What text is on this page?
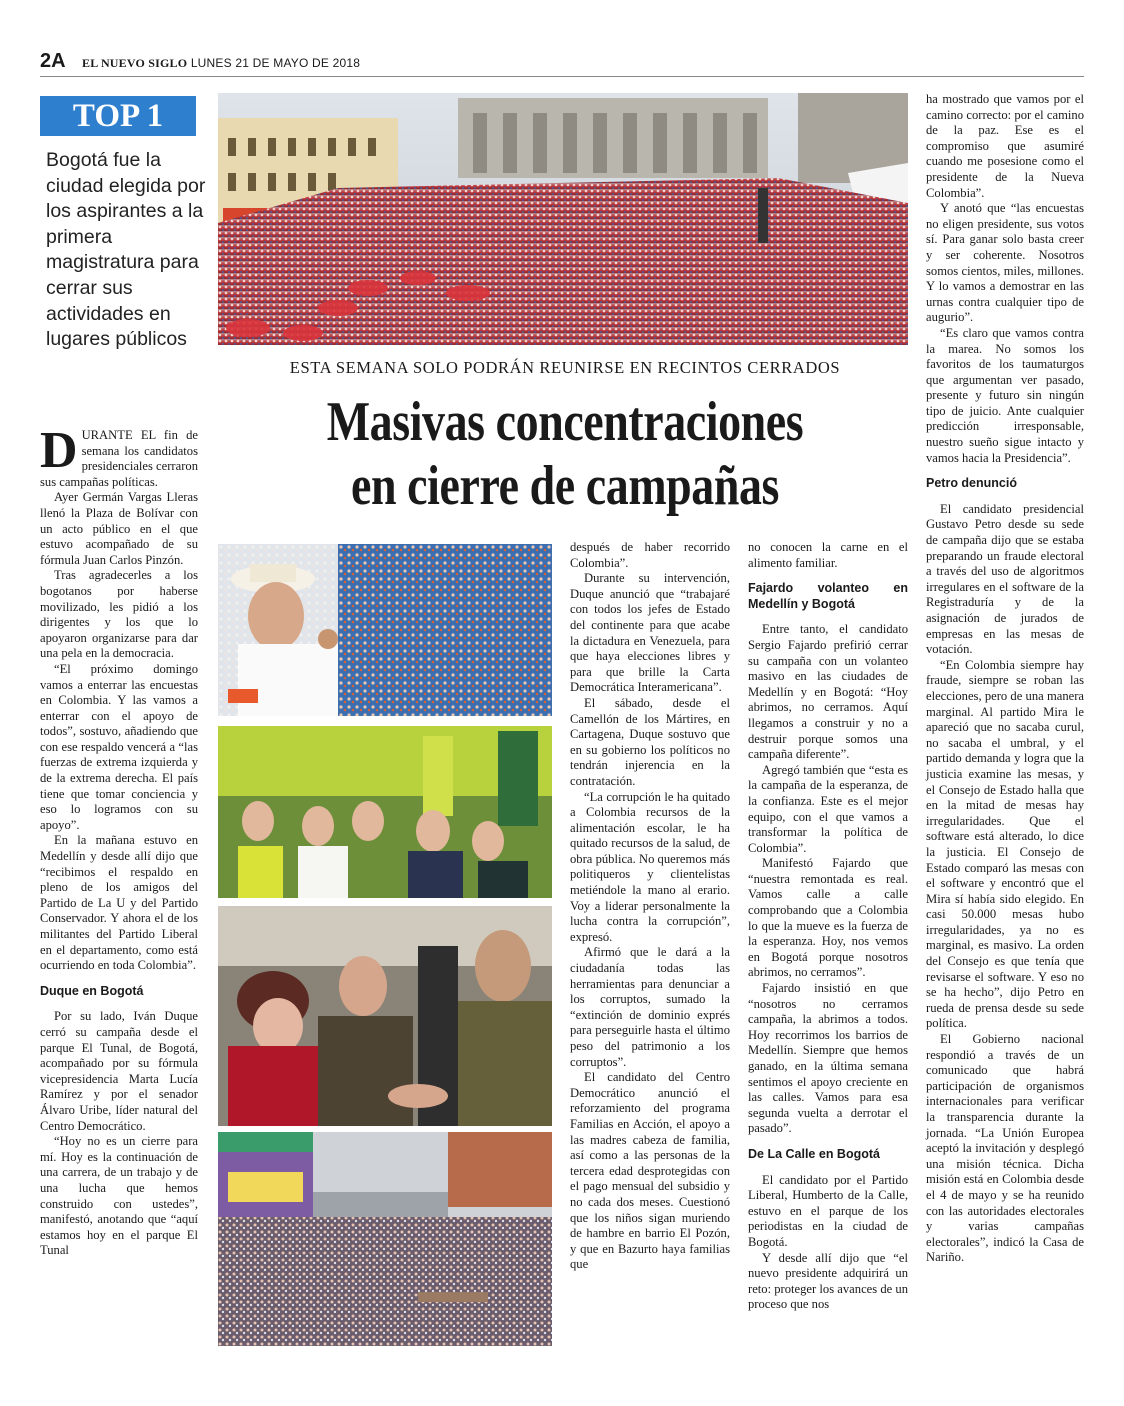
2A EL NUEVO SIGLO LUNES 21 DE MAYO DE 2018
TOP 1
Bogotá fue la ciudad elegida por los aspirantes a la primera magistratura para cerrar sus actividades en lugares públicos
ESTA SEMANA SOLO PODRÁN REUNIRSE EN RECINTOS CERRADOS
Masivas concentraciones
en cierre de campañas

DURANTE EL fin de semana los candidatos presidenciales cerraron sus campañas políticas.

Ayer Germán Vargas Lleras llenó la Plaza de Bolívar con un acto público en el que estuvo acompañado de su fórmula Juan Carlos Pinzón.

Tras agradecerles a los bogotanos por haberse movilizado, les pidió a los dirigentes y los que lo apoyaron organizarse para dar una pela en la democracia.

“El próximo domingo vamos a enterrar las encuestas en Colombia. Y las vamos a enterrar con el apoyo de todos”, sostuvo, añadiendo que con ese respaldo vencerá a “las fuerzas de extrema izquierda y de la extrema derecha. El país tiene que tomar conciencia y eso lo logramos con su apoyo”.

En la mañana estuvo en Medellín y desde allí dijo que “recibimos el respaldo en pleno de los amigos del Partido de La U y del Partido Conservador. Y ahora el de los militantes del Partido Liberal en el departamento, como está ocurriendo en toda Colombia”.

Duque en Bogotá

Por su lado, Iván Duque cerró su campaña desde el parque El Tunal, de Bogotá, acompañado por su fórmula vicepresidencia Marta Lucía Ramírez y por el senador Álvaro Uribe, líder natural del Centro Democrático.

“Hoy no es un cierre para mí. Hoy es la continuación de una carrera, de un trabajo y de una lucha que hemos construido con ustedes”, manifestó, anotando que “aquí estamos hoy en el parque El Tunal

después de haber recorrido Colombia”.

Durante su intervención, Duque anunció que “trabajaré con todos los jefes de Estado del continente para que acabe la dictadura en Venezuela, para que haya elecciones libres y para que brille la Carta Democrática Interamericana”.

El sábado, desde el Camellón de los Mártires, en Cartagena, Duque sostuvo que en su gobierno los políticos no tendrán injerencia en la contratación.

“La corrupción le ha quitado a Colombia recursos de la alimentación escolar, le ha quitado recursos de la salud, de obra pública. No queremos más politiqueros y clientelistas metiéndole la mano al erario. Voy a liderar personalmente la lucha contra la corrupción”, expresó.

Afirmó que le dará a la ciudadanía todas las herramientas para denunciar a los corruptos, sumado la “extinción de dominio exprés para perseguirle hasta el último peso del patrimonio a los corruptos”.

El candidato del Centro Democrático anunció el reforzamiento del programa Familias en Acción, el apoyo a las madres cabeza de familia, así como a las personas de la tercera edad desprotegidas con el pago mensual del subsidio y no cada dos meses. Cuestionó que los niños sigan muriendo de hambre en barrio El Pozón, y que en Bazurto haya familias que

no conocen la carne en el alimento familiar.

Fajardo volanteo en Medellín y Bogotá

Entre tanto, el candidato Sergio Fajardo prefirió cerrar su campaña con un volanteo masivo en las ciudades de Medellín y en Bogotá: “Hoy abrimos, no cerramos. Aquí llegamos a construir y no a destruir porque somos una campaña diferente”.

Agregó también que “esta es la campaña de la esperanza, de la confianza. Este es el mejor equipo, con el que vamos a transformar la política de Colombia”.

Manifestó Fajardo que “nuestra remontada es real. Vamos calle a calle comprobando que a Colombia lo que la mueve es la fuerza de la esperanza. Hoy, nos vemos en Bogotá porque nosotros abrimos, no cerramos”.

Fajardo insistió en que “nosotros no cerramos campaña, la abrimos a todos. Hoy recorrimos los barrios de Medellín. Siempre que hemos ganado, en la última semana sentimos el apoyo creciente en las calles. Vamos para esa segunda vuelta a derrotar el pasado”.

De La Calle en Bogotá

El candidato por el Partido Liberal, Humberto de la Calle, estuvo en el parque de los periodistas en la ciudad de Bogotá.

Y desde allí dijo que “el nuevo presidente adquirirá un reto: proteger los avances de un proceso que nos

ha mostrado que vamos por el camino correcto: por el camino de la paz. Ese es el compromiso que asumiré cuando me posesione como el presidente de la Nueva Colombia”.

Y anotó que “las encuestas no eligen presidente, sus votos sí. Para ganar solo basta creer y ser coherente. Nosotros somos cientos, miles, millones. Y lo vamos a demostrar en las urnas contra cualquier tipo de augurio”.

“Es claro que vamos contra la marea. No somos los favoritos de los taumaturgos que argumentan ver pasado, presente y futuro sin ningún tipo de juicio. Ante cualquier predicción irresponsable, nuestro sueño sigue intacto y vamos hacia la Presidencia”.

Petro denunció

El candidato presidencial Gustavo Petro desde su sede de campaña dijo que se estaba preparando un fraude electoral a través del uso de algoritmos irregulares en el software de la Registraduría y de la asignación de jurados de empresas en las mesas de votación.

“En Colombia siempre hay fraude, siempre se roban las elecciones, pero de una manera marginal. Al partido Mira le apareció que no sacaba curul, no sacaba el umbral, y el partido demanda y logra que la justicia examine las mesas, y el Consejo de Estado halla que en la mitad de mesas hay irregularidades. Que el software está alterado, lo dice la justicia. El Consejo de Estado comparó las mesas con el software y encontró que el Mira sí había sido elegido. En casi 50.000 mesas hubo irregularidades, ya no es marginal, es masivo. La orden del Consejo es que tenía que revisarse el software. Y eso no se ha hecho”, dijo Petro en rueda de prensa desde su sede política.

El Gobierno nacional respondió a través de un comunicado que habrá participación de organismos internacionales para verificar la transparencia durante la jornada. “La Unión Europea aceptó la invitación y desplegó una misión técnica. Dicha misión está en Colombia desde el 4 de mayo y se ha reunido con las autoridades electorales y varias campañas electorales”, indicó la Casa de Nariño.
